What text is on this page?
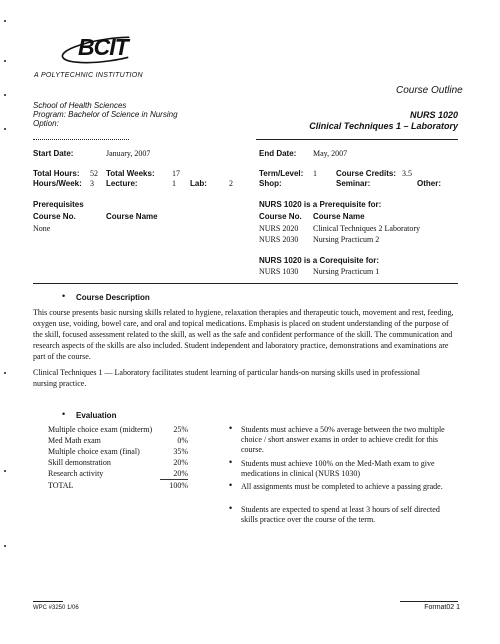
BCIT
A POLYTECHNIC INSTITUTION
Course Outline
School of Health Sciences
Program: Bachelor of Science in Nursing
Option:
NURS 1020
Clinical Techniques 1 – Laboratory
Start Date:	January, 2007	End Date: May, 2007
Total Hours: 52 Total Weeks: 17	Term/Level: 1 Course Credits: 3.5
Hours/Week: 3 Lecture:	1 Lab:	2	Shop:	Seminar:	Other:
Prerequisites
Course No.	Course Name
None
NURS 1020 is a Prerequisite for:
Course No. Course Name
NURS 2020 Clinical Techniques 2 Laboratory
NURS 2030 Nursing Practicum 2
NURS 1020 is a Corequisite for:
NURS 1030 Nursing Practicum 1
• Course Description
This course presents basic nursing skills related to hygiene, relaxation therapies and therapeutic touch, movement and rest, feeding, oxygen use, voiding, bowel care, and oral and topical medications. Emphasis is placed on student understanding of the purpose of the skill, focused assessment related to the skill, as well as the safe and confident performance of the skill. The communication and research aspects of the skills are also included. Student independent and laboratory practice, demonstrations and examinations are part of the course.
Clinical Techniques 1 — Laboratory facilitates student learning of particular hands-on nursing skills used in professional nursing practice.
• Evaluation
Multiple choice exam (midterm)	25%
Med Math exam	0%
Multiple choice exam (final)	35%
Skill demonstration	20%
Research activity	20%
TOTAL	100%
• Students must achieve a 50% average between the two multiple choice / short answer exams in order to achieve credit for this course.
• Students must achieve 100% on the Med-Math exam to give medications in clinical (NURS 1030)
• All assignments must be completed to achieve a passing grade.
• Students are expected to spend at least 3 hours of self directed skills practice over the course of the term.
WPC #3250 1/06	Format02 1
